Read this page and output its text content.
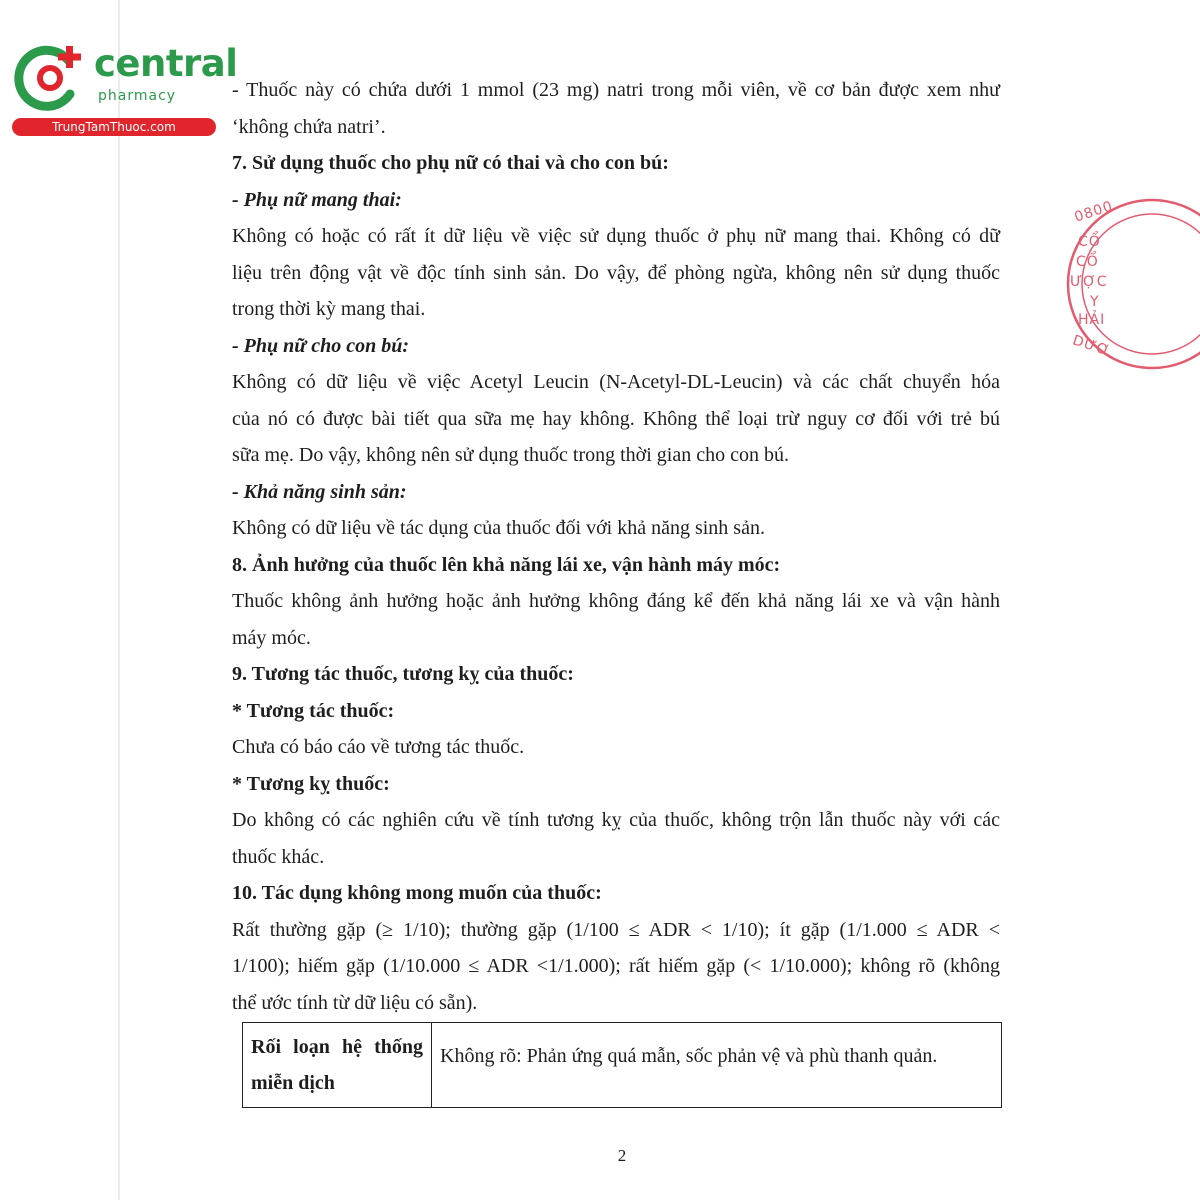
central

pharmacy
TrungTamThuoc.com
0800
CỔ
CỔ
ƯỢC
Y
HẢI
DƯƠ

- Thuốc này có chứa dưới 1 mmol (23 mg) natri trong mỗi viên, về cơ bản được xem như

‘không chứa natri’.

7. Sử dụng thuốc cho phụ nữ có thai và cho con bú:

- Phụ nữ mang thai:

Không có hoặc có rất ít dữ liệu về việc sử dụng thuốc ở phụ nữ mang thai. Không có dữ

liệu trên động vật về độc tính sinh sản. Do vậy, để phòng ngừa, không nên sử dụng thuốc

trong thời kỳ mang thai.

- Phụ nữ cho con bú:

Không có dữ liệu về việc Acetyl Leucin (N-Acetyl-DL-Leucin) và các chất chuyển hóa

của nó có được bài tiết qua sữa mẹ hay không. Không thể loại trừ nguy cơ đối với trẻ bú

sữa mẹ. Do vậy, không nên sử dụng thuốc trong thời gian cho con bú.

- Khả năng sinh sản:

Không có dữ liệu về tác dụng của thuốc đối với khả năng sinh sản.

8. Ảnh hưởng của thuốc lên khả năng lái xe, vận hành máy móc:

Thuốc không ảnh hưởng hoặc ảnh hưởng không đáng kể đến khả năng lái xe và vận hành

máy móc.

9. Tương tác thuốc, tương kỵ của thuốc:

* Tương tác thuốc:

Chưa có báo cáo về tương tác thuốc.

* Tương kỵ thuốc:

Do không có các nghiên cứu về tính tương kỵ của thuốc, không trộn lẫn thuốc này với các

thuốc khác.

10. Tác dụng không mong muốn của thuốc:

Rất thường gặp (≥ 1/10); thường gặp (1/100 ≤ ADR < 1/10); ít gặp (1/1.000 ≤ ADR <

1/100); hiếm gặp (1/10.000 ≤ ADR <1/1.000); rất hiếm gặp (< 1/10.000); không rõ (không

thể ước tính từ dữ liệu có sẵn).

Rối loạn hệ thống miễn dịch	Không rõ: Phản ứng quá mẫn, sốc phản vệ và phù thanh quản.
2
